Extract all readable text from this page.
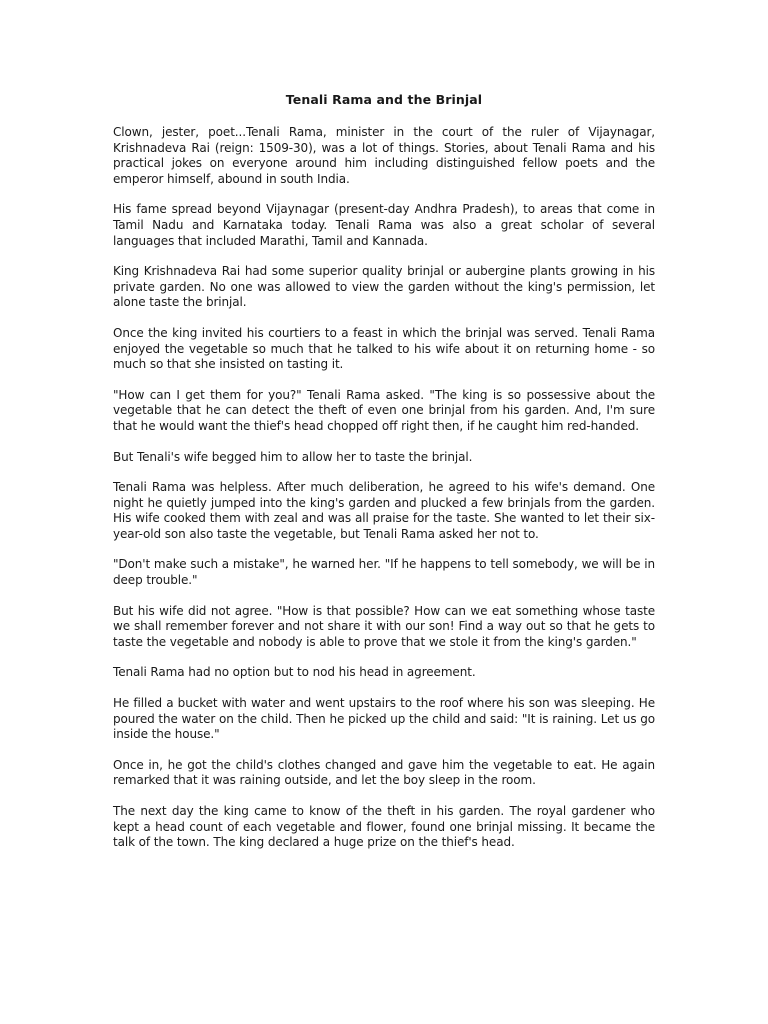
Tenali Rama and the Brinjal

Clown, jester, poet...Tenali Rama, minister in the court of the ruler of Vijaynagar, Krishnadeva Rai (reign: 1509-30), was a lot of things. Stories, about Tenali Rama and his practical jokes on everyone around him including distinguished fellow poets and the emperor himself, abound in south India.

His fame spread beyond Vijaynagar (present-day Andhra Pradesh), to areas that come in Tamil Nadu and Karnataka today. Tenali Rama was also a great scholar of several languages that included Marathi, Tamil and Kannada.

King Krishnadeva Rai had some superior quality brinjal or aubergine plants growing in his private garden. No one was allowed to view the garden without the king's permission, let alone taste the brinjal.

Once the king invited his courtiers to a feast in which the brinjal was served. Tenali Rama enjoyed the vegetable so much that he talked to his wife about it on returning home - so much so that she insisted on tasting it.

"How can I get them for you?" Tenali Rama asked. "The king is so possessive about the vegetable that he can detect the theft of even one brinjal from his garden. And, I'm sure that he would want the thief's head chopped off right then, if he caught him red-handed.

But Tenali's wife begged him to allow her to taste the brinjal.

Tenali Rama was helpless. After much deliberation, he agreed to his wife's demand. One night he quietly jumped into the king's garden and plucked a few brinjals from the garden. His wife cooked them with zeal and was all praise for the taste. She wanted to let their six-year-old son also taste the vegetable, but Tenali Rama asked her not to.

"Don't make such a mistake", he warned her. "If he happens to tell somebody, we will be in deep trouble."

But his wife did not agree. "How is that possible? How can we eat something whose taste we shall remember forever and not share it with our son! Find a way out so that he gets to taste the vegetable and nobody is able to prove that we stole it from the king's garden."

Tenali Rama had no option but to nod his head in agreement.

He filled a bucket with water and went upstairs to the roof where his son was sleeping. He poured the water on the child. Then he picked up the child and said: "It is raining. Let us go inside the house."

Once in, he got the child's clothes changed and gave him the vegetable to eat. He again remarked that it was raining outside, and let the boy sleep in the room.

The next day the king came to know of the theft in his garden. The royal gardener who kept a head count of each vegetable and flower, found one brinjal missing. It became the talk of the town. The king declared a huge prize on the thief's head.
